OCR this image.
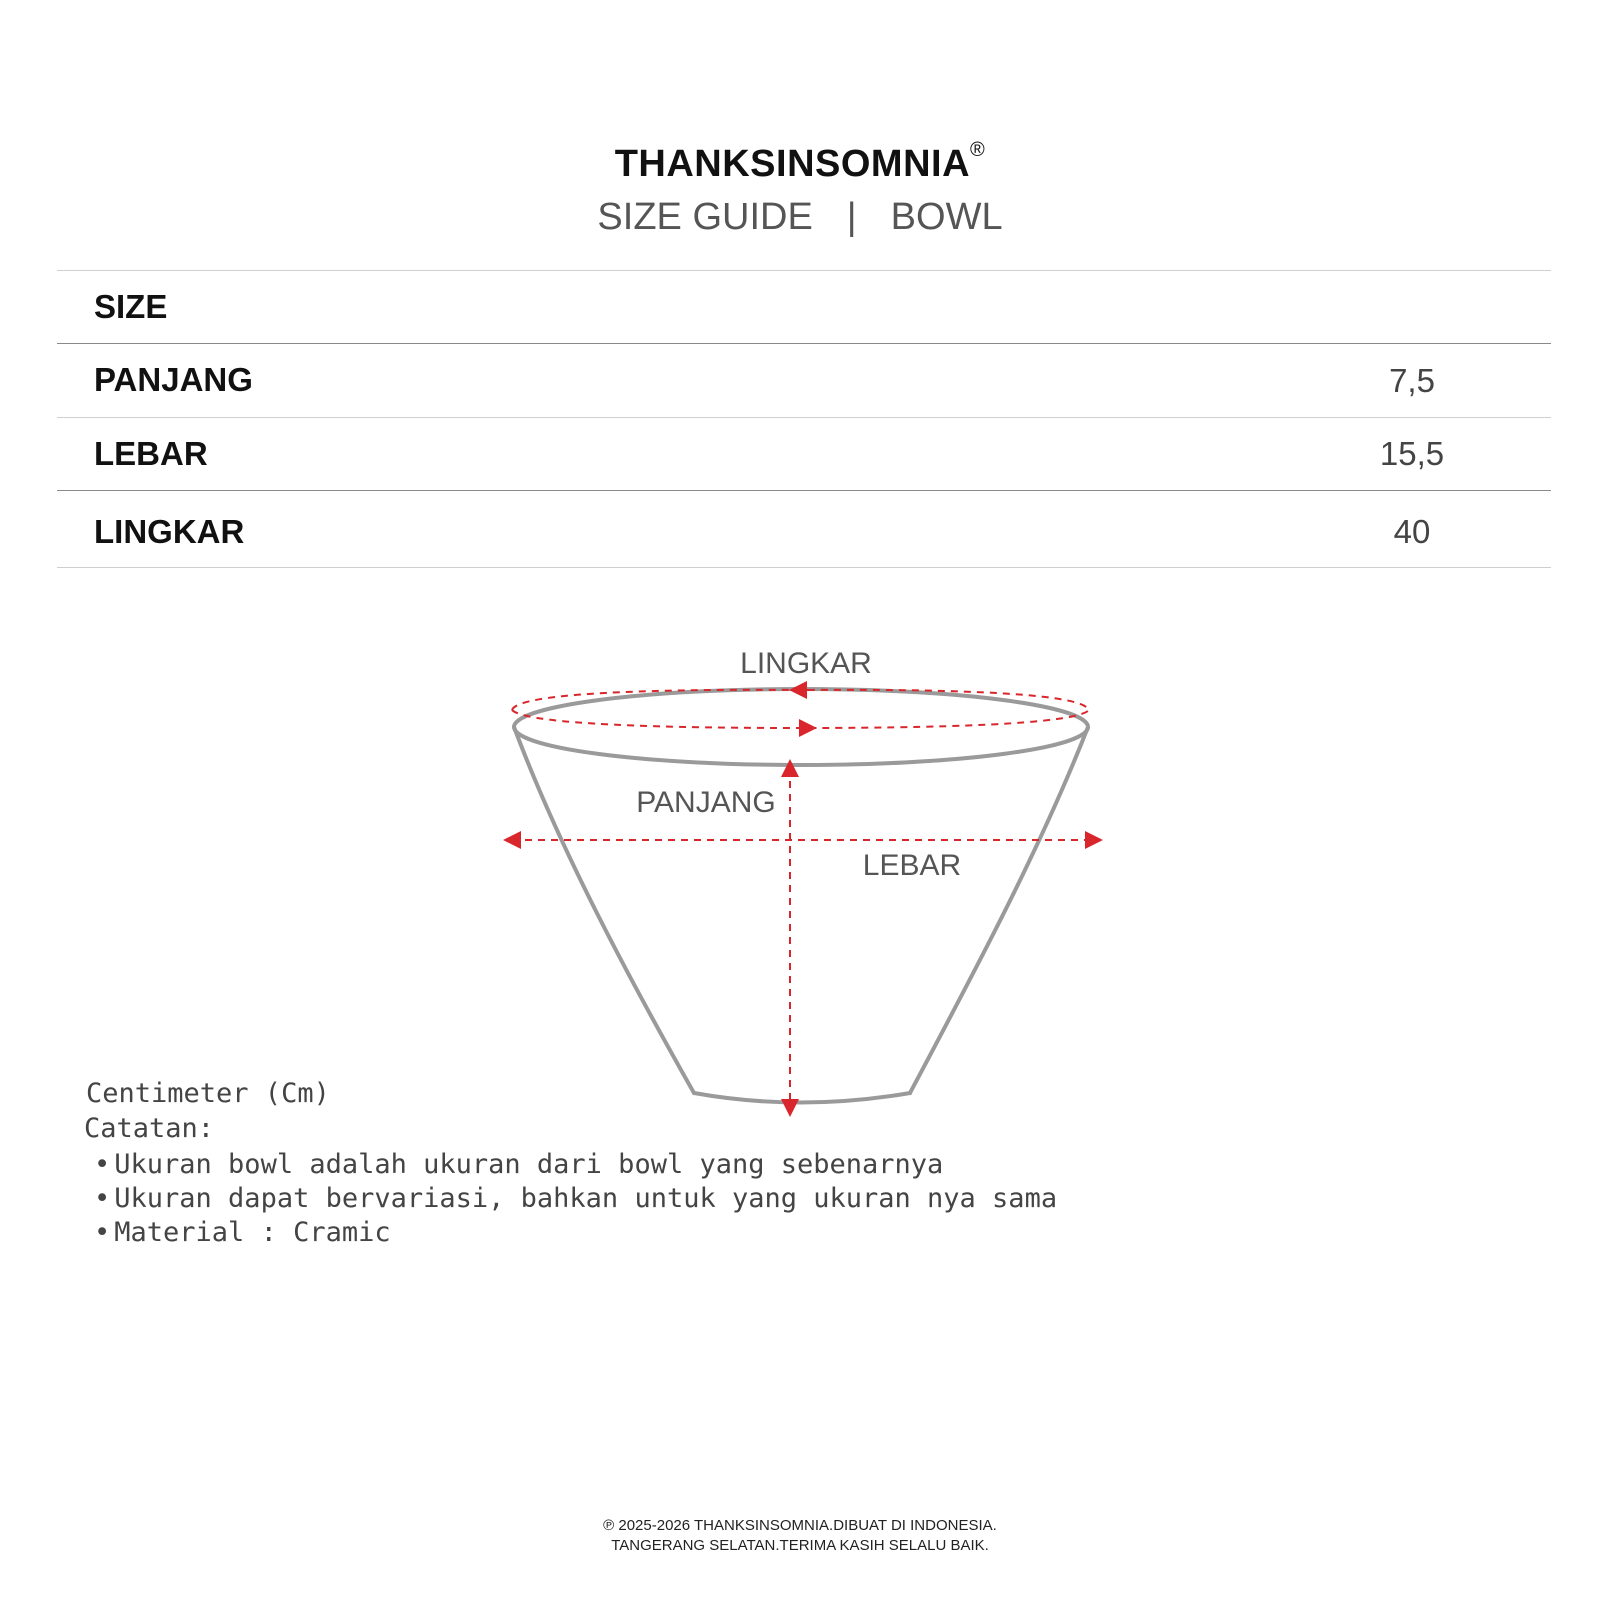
THANKSINSOMNIA®
SIZE GUIDE | BOWL
SIZE
PANJANG	7,5
LEBAR	15,5
LINGKAR	40
LINGKAR
PANJANG
LEBAR
Centimeter (Cm)
Catatan:
• Ukuran bowl adalah ukuran dari bowl yang sebenarnya
• Ukuran dapat bervariasi, bahkan untuk yang ukuran nya sama
• Material : Cramic
℗ 2025-2026 THANKSINSOMNIA.DIBUAT DI INDONESIA.
TANGERANG SELATAN.TERIMA KASIH SELALU BAIK.
